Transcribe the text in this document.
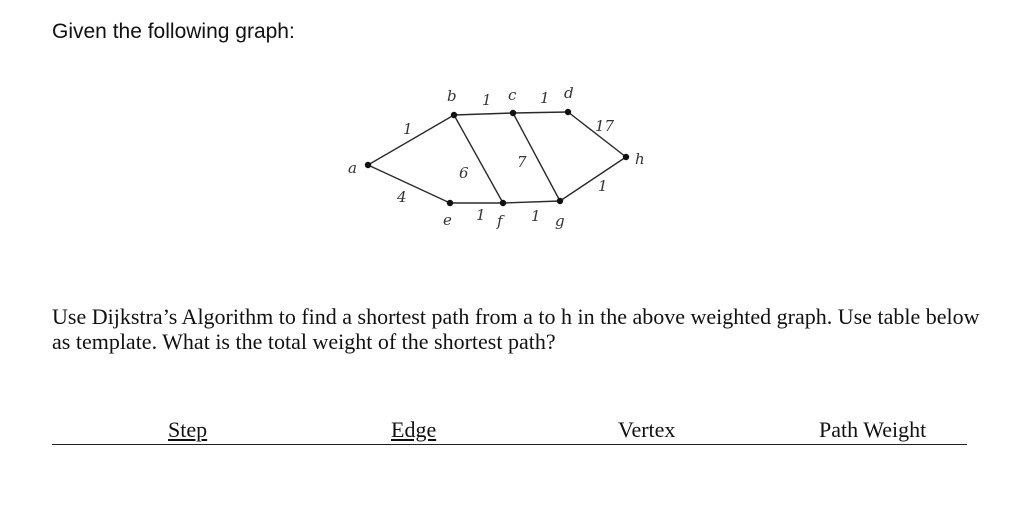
Given the following graph:
a
b	c	d
e	f	g
h
1
1	1
17
4
1	1
1
6
7

Use Dijkstra’s Algorithm to find a shortest path from a to h in the above weighted graph. Use table below as template. What is the total weight of the shortest path?

Step	Edge	Vertex	Path Weight
